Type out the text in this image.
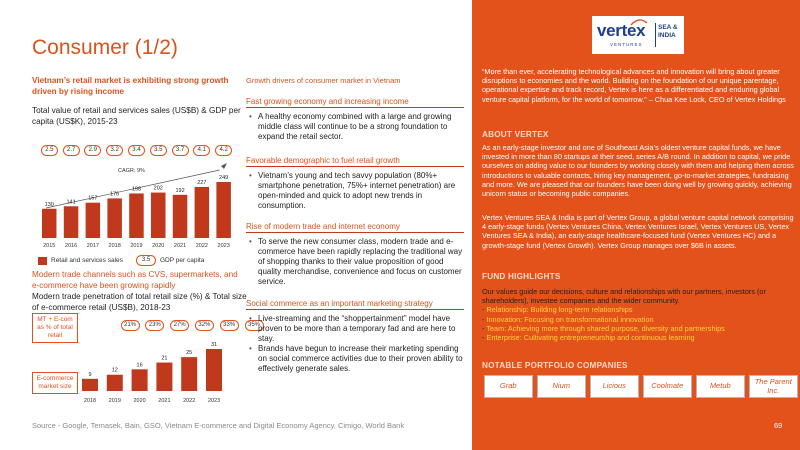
Consumer (1/2)
Vietnam’s retail market is exhibiting strong growth driven by rising income
Total value of retail and services sales (US$B) & GDP per capita (US$K), 2015-23
2.5	2.7	2.9	3.2	3.4	3.5	3.7	4.1	4.2
CAGR: 9%
130
2015
141
2016
157
2017
176
2018
198
2019
202
2020
192
2021
227
2022
249
2023
Retail and services sales	3.5	GDP per capita
Modern trade channels such as CVS, supermarkets, and e-commerce have been growing rapidly
Modern trade penetration of total retail size (%) & Total size of e-commerce retail (US$B), 2018-23
MT + E-com as % of total retail
21%	23%	27%	32%	33%	35%
E-commerce market size
9
2018
12
2019
16
2020
21
2021
25
2022
31
2023
Growth drivers of consumer market in Vietnam
Fast growing economy and increasing income
• A healthy economy combined with a large and growing middle class will continue to be a strong foundation to expand the retail sector.
Favorable demographic to fuel retail growth
• Vietnam’s young and tech savvy population (80%+ smartphone penetration, 75%+ internet penetration) are open-minded and quick to adopt new trends in consumption.
Rise of modern trade and internet economy
• To serve the new consumer class, modern trade and e-commerce have been rapidly replacing the traditional way of shopping thanks to their value proposition of good quality merchandise, convenience and focus on customer service.
Social commerce as an important marketing strategy
• Live-streaming and the “shoppertainment” model have proven to be more than a temporary fad and are here to stay.
• Brands have begun to increase their marketing spending on social commerce activities due to their proven ability to effectively generate sales.
Source - Google, Temasek, Bain, GSO, Vietnam E-commerce and Digital Economy Agency, Cimigo, World Bank
vertex
VENTURES
SEA &
INDIA
“More than ever, accelerating technological advances and innovation will bring about greater disruptions to economies and the world. Building on the foundation of our unique parentage, operational expertise and track record, Vertex is here as a differentiated and enduring global venture capital platform, for the world of tomorrow.” – Chua Kee Lock, CEO of Vertex Holdings
ABOUT VERTEX
As an early-stage investor and one of Southeast Asia’s oldest venture capital funds, we have invested in more than 80 startups at their seed, series A/B round. In addition to capital, we pride ourselves on adding value to our founders by working closely with them and helping them across introductions to valuable contacts, hiring key management, go-to-market strategies, fundraising and more. We are pleased that our founders have been doing well by growing quickly, achieving unicorn status or becoming public companies.
Vertex Ventures SEA & India is part of Vertex Group, a global venture capital network comprising 4 early-stage funds (Vertex Ventures China, Vertex Ventures Israel, Vertex Ventures US, Vertex Ventures SEA & India), an early-stage healthcare-focused fund (Vertex Ventures HC) and a growth-stage fund (Vertex Growth). Vertex Group manages over $6B in assets.
FUND HIGHLIGHTS
Our values guide our decisions, culture and relationships with our partners, investors (or shareholders), investee companies and the wider community.
- Relationship: Building long-term relationships
- Innovation: Focusing on transformational innovation
- Team: Achieving more through shared purpose, diversity and partnerships
- Enterprise: Cultivating entrepreneurship and continuous learning
NOTABLE PORTFOLIO COMPANIES
Grab	Nium	Licious	Coolmate	Metub	The Parent Inc.
69
